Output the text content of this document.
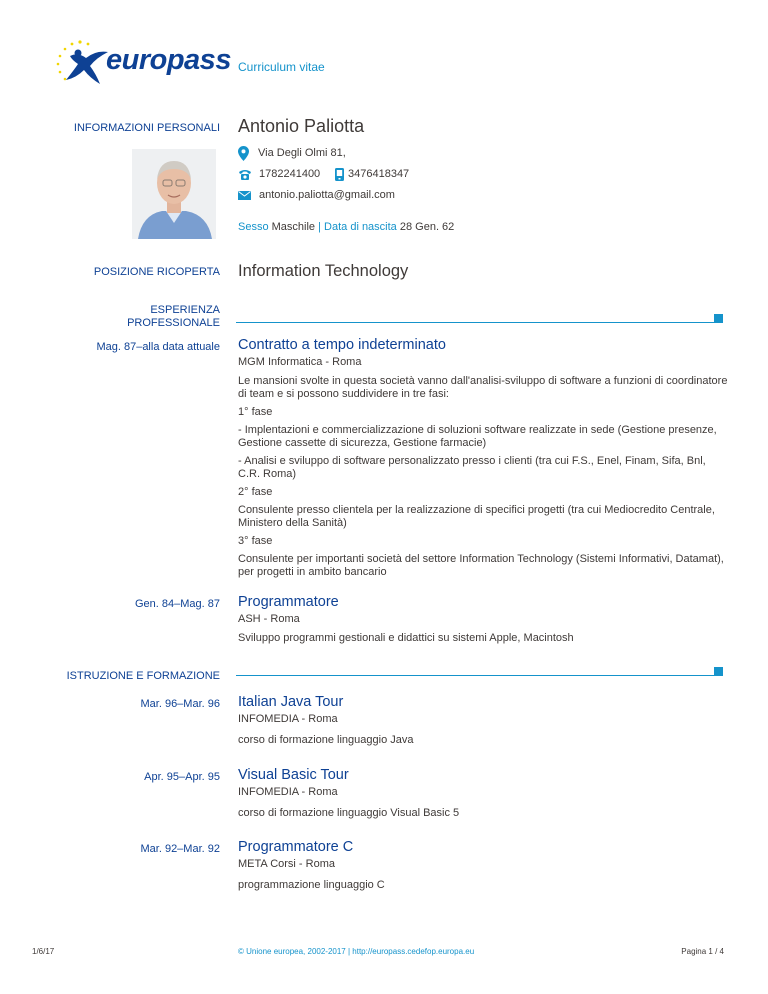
europass Curriculum vitae
INFORMAZIONI PERSONALI Antonio Paliotta
Via Degli Olmi 81,
1782241400	3476418347
antonio.paliotta@gmail.com
Sesso Maschile | Data di nascita 28 Gen. 62
POSIZIONE RICOPERTA Information Technology
ESPERIENZA
PROFESSIONALE
Mag. 87–alla data attuale Contratto a tempo indeterminato
MGM Informatica - Roma
Le mansioni svolte in questa società vanno dall'analisi-sviluppo di software a funzioni di coordinatore di team e si possono suddividere in tre fasi:
1° fase
- Implentazioni e commercializzazione di soluzioni software realizzate in sede (Gestione presenze, Gestione cassette di sicurezza, Gestione farmacie)
- Analisi e sviluppo di software personalizzato presso i clienti (tra cui F.S., Enel, Finam, Sifa, Bnl, C.R. Roma)
2° fase
Consulente presso clientela per la realizzazione di specifici progetti (tra cui Mediocredito Centrale, Ministero della Sanità)
3° fase
Consulente per importanti società del settore Information Technology (Sistemi Informativi, Datamat), per progetti in ambito bancario
Gen. 84–Mag. 87 Programmatore
ASH - Roma
Sviluppo programmi gestionali e didattici su sistemi Apple, Macintosh
ISTRUZIONE E FORMAZIONE
Mar. 96–Mar. 96 Italian Java Tour
INFOMEDIA - Roma
corso di formazione linguaggio Java
Apr. 95–Apr. 95 Visual Basic Tour
INFOMEDIA - Roma
corso di formazione linguaggio Visual Basic 5
Mar. 92–Mar. 92 Programmatore C
META Corsi - Roma
programmazione linguaggio C
1/6/17	© Unione europea, 2002-2017 | http://europass.cedefop.europa.eu	Pagina 1 / 4
